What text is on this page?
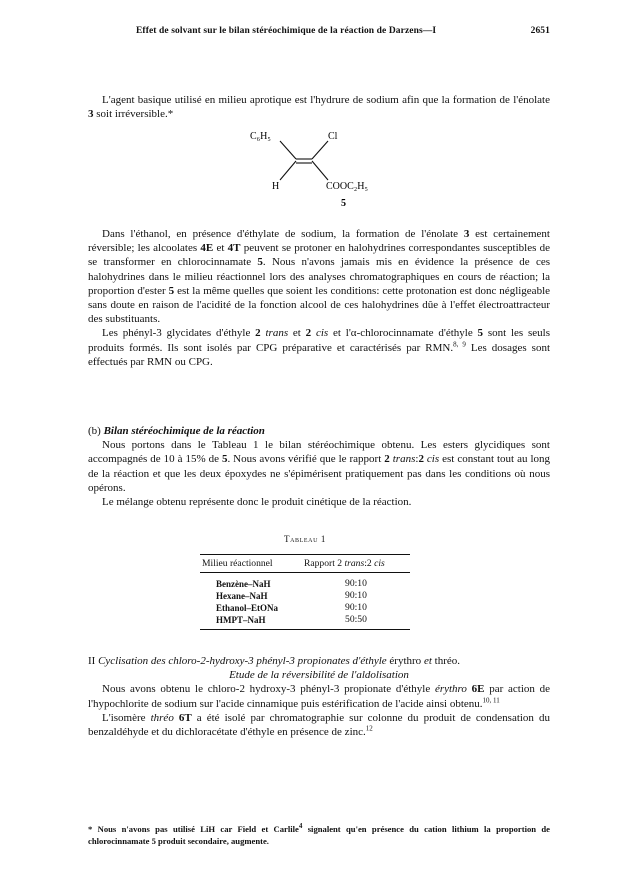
Effet de solvant sur le bilan stéréochimique de la réaction de Darzens—I	2651

L'agent basique utilisé en milieu aprotique est l'hydrure de sodium afin que la formation de l'énolate 3 soit irréversible.*

C₆H₅	Cl
H	COOC₂H₅
5

Dans l'éthanol, en présence d'éthylate de sodium, la formation de l'énolate 3 est certainement réversible; les alcoolates 4E et 4T peuvent se protoner en halohydrines correspondantes susceptibles de se transformer en chlorocinnamate 5. Nous n'avons jamais mis en évidence la présence de ces halohydrines dans le milieu réactionnel lors des analyses chromatographiques en cours de réaction; la proportion d'ester 5 est la même quelles que soient les conditions: cette protonation est donc négligeable sans doute en raison de l'acidité de la fonction alcool de ces halohydrines dûe à l'effet électroattracteur des substituants.

Les phényl-3 glycidates d'éthyle 2 trans et 2 cis et l'α-chlorocinnamate d'éthyle 5 sont les seuls produits formés. Ils sont isolés par CPG préparative et caractérisés par RMN.$^{8, 9}$ Les dosages sont effectués par RMN ou CPG.

(b) Bilan stéréochimique de la réaction

Nous portons dans le Tableau 1 le bilan stéréochimique obtenu. Les esters glycidiques sont accompagnés de 10 à 15% de 5. Nous avons vérifié que le rapport 2 trans:2 cis est constant tout au long de la réaction et que les deux époxydes ne s'épimérisent pratiquement pas dans les conditions où nous opérons.

Le mélange obtenu représente donc le produit cinétique de la réaction.

Tableau 1
Milieu réactionnel	Rapport 2 trans:2 cis
Benzène–NaH	90:10
Hexane–NaH	90:10
Ethanol–EtONa	90:10
HMPT–NaH	50:50

II Cyclisation des chloro-2-hydroxy-3 phényl-3 propionates d'éthyle érythro et thréo.

Etude de la réversibilité de l'aldolisation

Nous avons obtenu le chloro-2 hydroxy-3 phényl-3 propionate d'éthyle érythro 6E par action de l'hypochlorite de sodium sur l'acide cinnamique puis estérification de l'acide ainsi obtenu.$^{10, 11}$

L'isomère thréo 6T a été isolé par chromatographie sur colonne du produit de condensation du benzaldéhyde et du dichloracétate d'éthyle en présence de zinc.$^{12}$

* Nous n'avons pas utilisé LiH car Field et Carlile$^4$ signalent qu'en présence du cation lithium la proportion de chlorocinnamate 5 produit secondaire, augmente.
